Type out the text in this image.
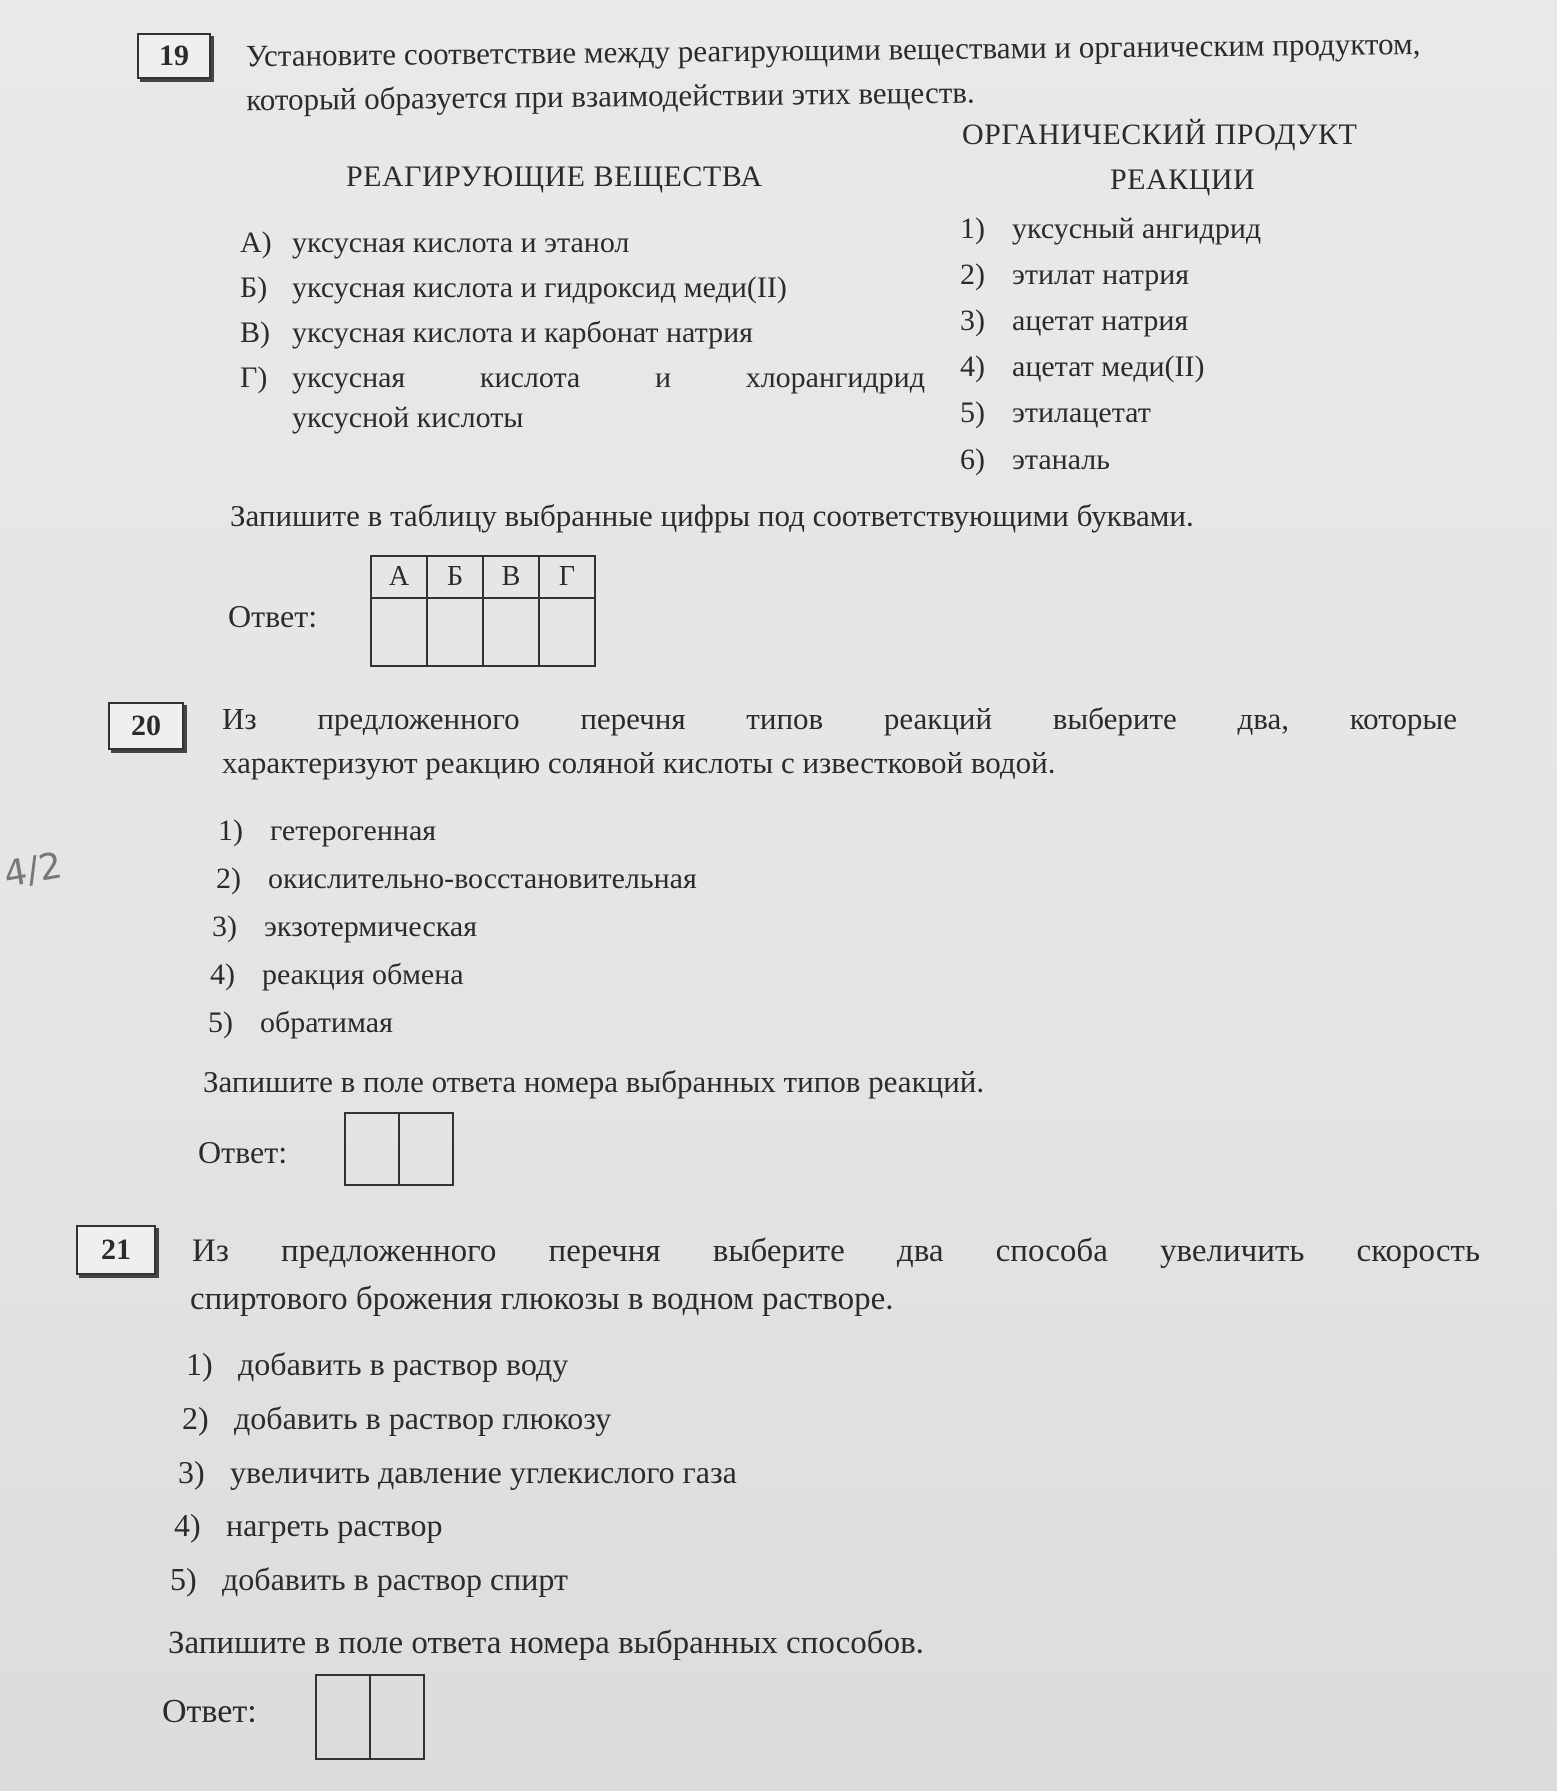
19	Установите соответствие между реагирующими веществами и органическим продуктом, который образуется при взаимодействии этих веществ.
РЕАГИРУЮЩИЕ ВЕЩЕСТВА
ОРГАНИЧЕСКИЙ ПРОДУКТ
РЕАКЦИИ
А) уксусная кислота и этанол
Б) уксусная кислота и гидроксид меди(II)
В) уксусная кислота и карбонат натрия
Г) уксусная кислота и хлорангидрид
уксусной кислоты
1) уксусный ангидрид
2) этилат натрия
3) ацетат натрия
4) ацетат меди(II)
5) этилацетат
6) этаналь
Запишите в таблицу выбранные цифры под соответствующими буквами.
Ответ:
А	Б	В	Г

20	Из предложенного перечня типов реакций выберите два, которые
характеризуют реакцию соляной кислоты с известковой водой.
4/2
1) гетерогенная
2) окислительно-восстановительная
3) экзотермическая
4) реакция обмена
5) обратимая
Запишите в поле ответа номера выбранных типов реакций.
Ответ:
21	Из предложенного перечня выберите два способа увеличить скорость
спиртового брожения глюкозы в водном растворе.
1) добавить в раствор воду
2) добавить в раствор глюкозу
3) увеличить давление углекислого газа
4) нагреть раствор
5) добавить в раствор спирт
Запишите в поле ответа номера выбранных способов.
Ответ:
